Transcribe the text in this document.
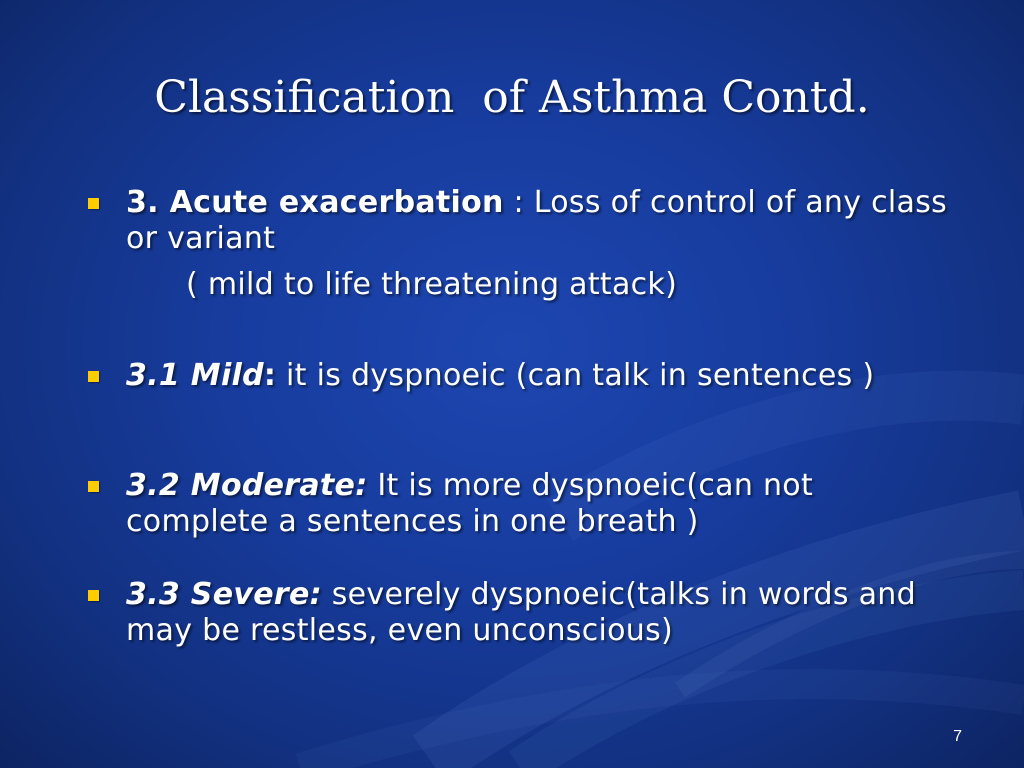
Classification  of Asthma Contd.
3. Acute exacerbation : Loss of control of any class or variant
( mild to life threatening attack)
3.1 Mild: it is dyspnoeic (can talk in sentences )
3.2 Moderate: It is more dyspnoeic(can not complete a sentences in one breath )
3.3 Severe: severely dyspnoeic(talks in words and may be restless, even unconscious)
7
